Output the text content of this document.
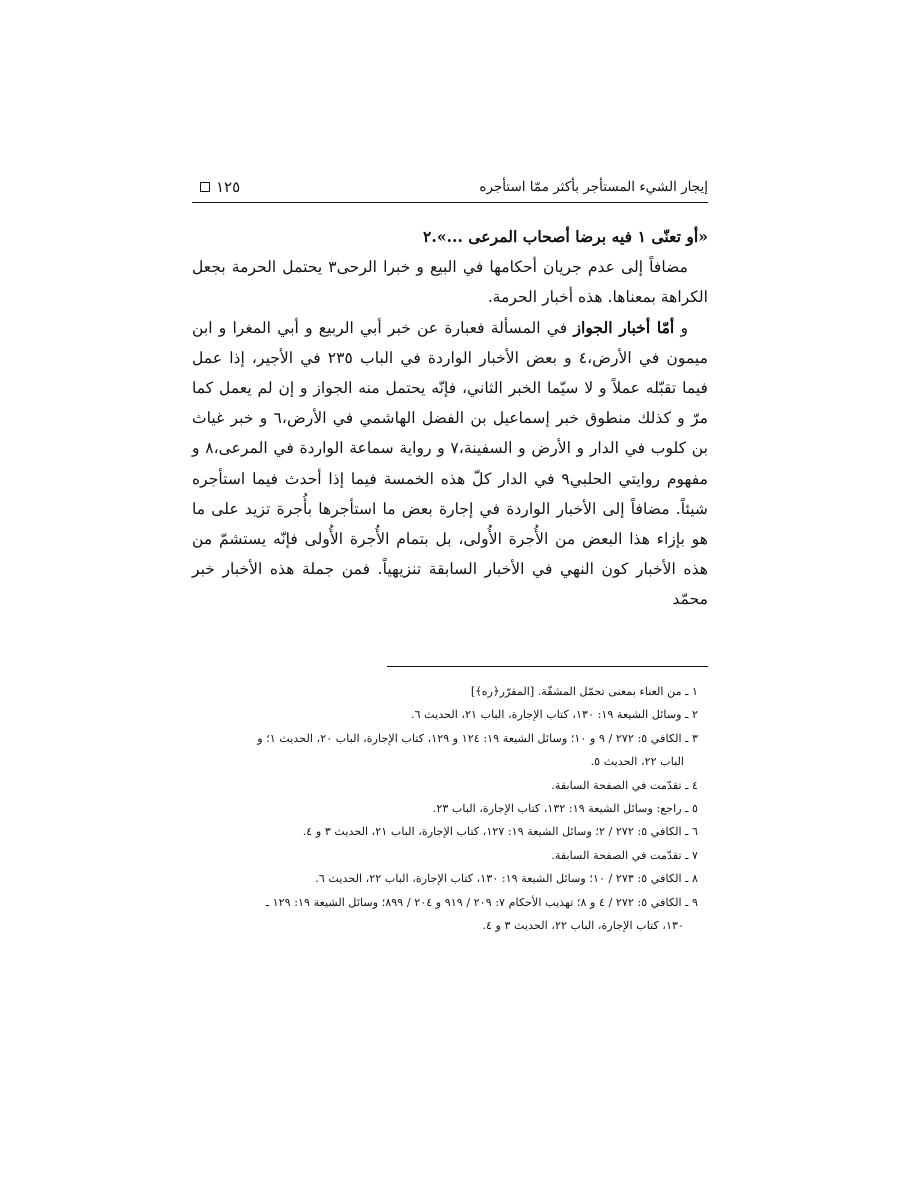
١٢٥	إيجار الشيء المستأجر بأكثر ممّا استأجره

«أو تعنّى ١ فيه برضا أصحاب المرعى ...».٢

مضافاً إلى عدم جريان أحكامها في البيع و خبرا الرحى٣ يحتمل الحرمة بجعل الكراهة بمعناها. هذه أخبار الحرمة.

و أمّا أخبار الجواز في المسألة فعبارة عن خبر أبي الربيع و أبي المغرا و ابن ميمون في الأرض،٤ و بعض الأخبار الواردة في الباب ٢٣٥ في الأجير، إذا عمل فيما تقبّله عملاً و لا سيّما الخبر الثاني، فإنّه يحتمل منه الجواز و إن لم يعمل كما مرّ و كذلك منطوق خبر إسماعيل بن الفضل الهاشمي في الأرض،٦ و خبر غياث بن كلوب في الدار و الأرض و السفينة،٧ و رواية سماعة الواردة في المرعى،٨ و مفهوم روايتي الحلبي٩ في الدار كلّ هذه الخمسة فيما إذا أحدث فيما استأجره شيئاً. مضافاً إلى الأخبار الواردة في إجارة بعض ما استأجرها بأُجرة تزيد على ما هو بإزاء هذا البعض من الأُجرة الأُولى، بل بتمام الأُجرة الأُولى فإنّه يستشمّ من هذه الأخبار كون النهي في الأخبار السابقة تنزيهياً. فمن جملة هذه الأخبار خبر محمّد

١ ـ من العناء بمعنى تحمّل المشقّة. [المقرّر﴿ره﴾]
٢ ـ وسائل الشيعة ١٩: ١٣٠، كتاب الإجارة، الباب ٢١، الحديث ٦.
٣ ـ الكافي ٥: ٢٧٢ / ٩ و ١٠؛ وسائل الشيعة ١٩: ١٢٤ و ١٢٩، كتاب الإجارة، الباب ٢٠، الحديث ١؛ و
الباب ٢٢، الحديث ٥.
٤ ـ تقدّمت في الصفحة السابقة.
٥ ـ راجع: وسائل الشيعة ١٩: ١٣٢، كتاب الإجارة، الباب ٢٣.
٦ ـ الكافي ٥: ٢٧٢ / ٢؛ وسائل الشيعة ١٩: ١٢٧، كتاب الإجارة، الباب ٢١، الحديث ٣ و ٤.
٧ ـ تقدّمت في الصفحة السابقة.
٨ ـ الكافي ٥: ٢٧٣ / ١٠؛ وسائل الشيعة ١٩: ١٣٠، كتاب الإجارة، الباب ٢٢، الحديث ٦.
٩ ـ الكافي ٥: ٢٧٢ / ٤ و ٨؛ تهذيب الأحكام ٧: ٢٠٩ / ٩١٩ و ٢٠٤ / ٨٩٩؛ وسائل الشيعة ١٩: ١٢٩ ـ
١٣٠، كتاب الإجارة، الباب ٢٢، الحديث ٣ و ٤.
